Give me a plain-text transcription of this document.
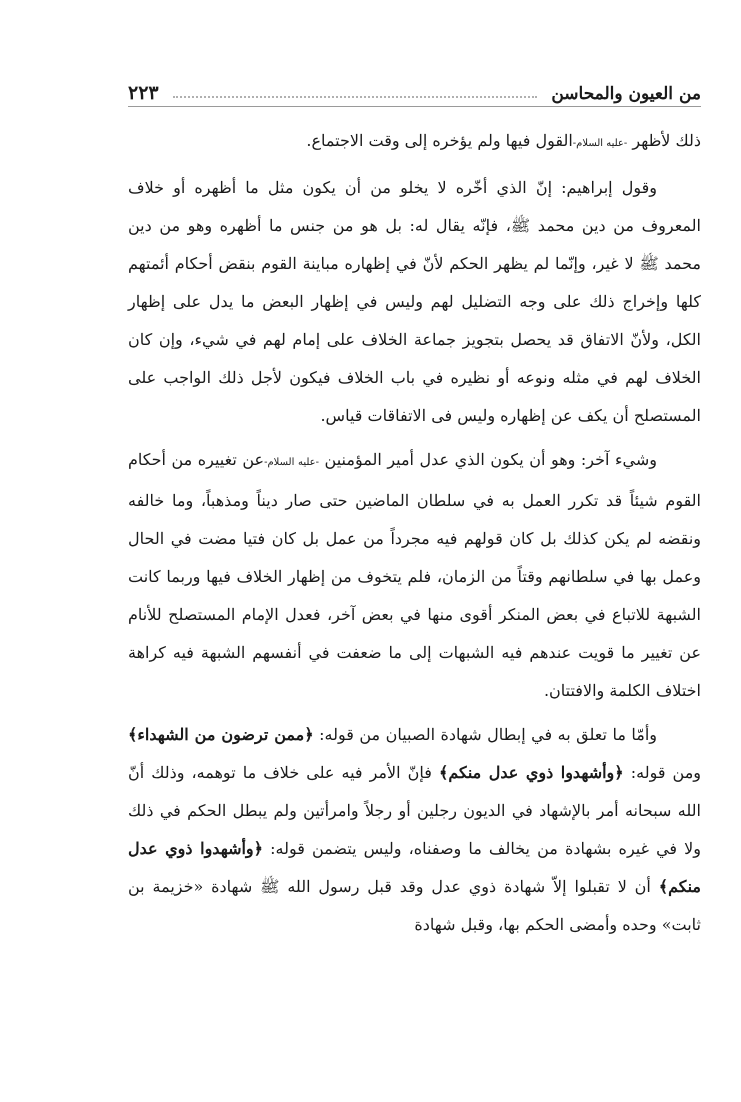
من العيون والمحاسن
٢٢٣

ذلك لأظهر -عليه السلام-القول فيها ولم يؤخره إلى وقت الاجتماع.

وقول إبراهيم: إنّ الذي أخّره لا يخلو من أن يكون مثل ما أظهره أو خلاف المعروف من دين محمد ﷺ، فإنّه يقال له: بل هو من جنس ما أظهره وهو من دين محمد ﷺ لا غير، وإنّما لم يظهر الحكم لأنّ في إظهاره مباينة القوم بنقض أحكام أئمتهم كلها وإخراج ذلك على وجه التضليل لهم وليس في إظهار البعض ما يدل على إظهار الكل، ولأنّ الاتفاق قد يحصل بتجويز جماعة الخلاف على إمام لهم في شيء، وإن كان الخلاف لهم في مثله ونوعه أو نظيره في باب الخلاف فيكون لأجل ذلك الواجب على المستصلح أن يكف عن إظهاره وليس فى الاتفاقات قياس.

وشيء آخر: وهو أن يكون الذي عدل أمير المؤمنين -عليه السلام-عن تغييره من أحكام القوم شيئاً قد تكرر العمل به في سلطان الماضين حتى صار ديناً ومذهباً، وما خالفه ونقضه لم يكن كذلك بل كان قولهم فيه مجرداً من عمل بل كان فتيا مضت في الحال وعمل بها في سلطانهم وقتاً من الزمان، فلم يتخوف من إظهار الخلاف فيها وربما كانت الشبهة للاتباع في بعض المنكر أقوى منها في بعض آخر، فعدل الإمام المستصلح للأنام عن تغيير ما قويت عندهم فيه الشبهات إلى ما ضعفت في أنفسهم الشبهة فيه كراهة اختلاف الكلمة والافتتان.

وأمّا ما تعلق به في إبطال شهادة الصبيان من قوله: ﴿ممن ترضون من الشهداء﴾ ومن قوله: ﴿وأشهدوا ذوي عدل منكم﴾ فإنّ الأمر فيه على خلاف ما توهمه، وذلك أنّ الله سبحانه أمر بالإشهاد في الديون رجلين أو رجلاً وامرأتين ولم يبطل الحكم في ذلك ولا في غيره بشهادة من يخالف ما وصفناه، وليس يتضمن قوله: ﴿وأشهدوا ذوي عدل منكم﴾ أن لا تقبلوا إلاّ شهادة ذوي عدل وقد قبل رسول الله ﷺ شهادة «خزيمة بن ثابت» وحده وأمضى الحكم بها، وقبل شهادة
